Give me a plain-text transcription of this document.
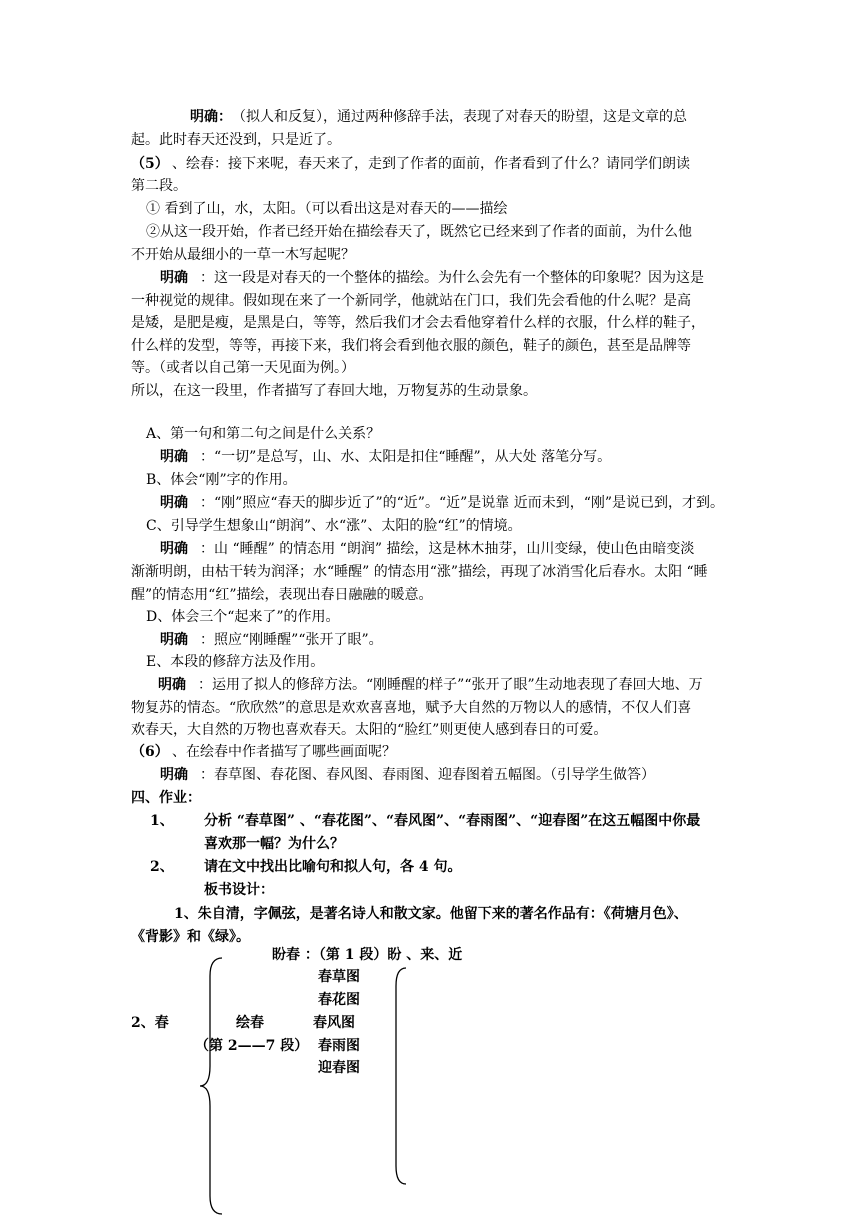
明确： （拟人和反复），通过两种修辞手法，表现了对春天的盼望，这是文章的总
起。此时春天还没到，只是近了。
（5） 、绘春：接下来呢，春天来了，走到了作者的面前，作者看到了什么？请同学们朗读
第二段。
① 看到了山，水，太阳。（可以看出这是对春天的——描绘
②从这一段开始，作者已经开始在描绘春天了，既然它已经来到了作者的面前，为什么他
不开始从最细小的一草一木写起呢？
明确 ：这一段是对春天的一个整体的描绘。为什么会先有一个整体的印象呢？因为这是
一种视觉的规律。假如现在来了一个新同学，他就站在门口，我们先会看他的什么呢？是高
是矮，是肥是瘦，是黑是白，等等，然后我们才会去看他穿着什么样的衣服，什么样的鞋子，
什么样的发型，等等，再接下来，我们将会看到他衣服的颜色，鞋子的颜色，甚至是品牌等
等。（或者以自己第一天见面为例。）
所以，在这一段里，作者描写了春回大地，万物复苏的生动景象。
A、第一句和第二句之间是什么关系？
明确 ：“一切”是总写，山、水、太阳是扣住“睡醒”，从大处 落笔分写。
B、体会“刚”字的作用。
明确 ：“刚”照应“春天的脚步近了”的“近”。“近”是说靠 近而未到，“刚”是说已到，才到。
C、引导学生想象山“朗润”、水“涨”、太阳的脸“红”的情境。
明确 ：山 “睡醒” 的情态用 “朗润” 描绘，这是林木抽芽，山川变绿，使山色由暗变淡
渐渐明朗，由枯干转为润泽；水“睡醒” 的情态用“涨”描绘，再现了冰消雪化后春水。太阳 “睡
醒”的情态用“红”描绘，表现出春日融融的暖意。
D、体会三个“起来了”的作用。
明确 ：照应“刚睡醒”“张开了眼”。
E、本段的修辞方法及作用。
明确 ：运用了拟人的修辞方法。“刚睡醒的样子”“张开了眼”生动地表现了春回大地、万
物复苏的情态。“欣欣然”的意思是欢欢喜喜地，赋予大自然的万物以人的感情，不仅人们喜
欢春天，大自然的万物也喜欢春天。太阳的“脸红”则更使人感到春日的可爱。
（6） 、在绘春中作者描写了哪些画面呢？
明确 ：春草图、春花图、春风图、春雨图、迎春图着五幅图。（引导学生做答）
四、作业：
1、 分析 “春草图” 、“春花图”、“春风图”、“春雨图”、“迎春图”在这五幅图中你最
喜欢那一幅？为什么？
2、 请在文中找出比喻句和拟人句，各 4 句。
板书设计：
1、朱自清，字佩弦，是著名诗人和散文家。他留下来的著名作品有：《荷塘月色》、
《背影》和《绿》。
盼春 ：（第 1 段）盼 、来、近
春草图
春花图
2、春	绘春	春风图
（第 2——7 段） 春雨图
迎春图
